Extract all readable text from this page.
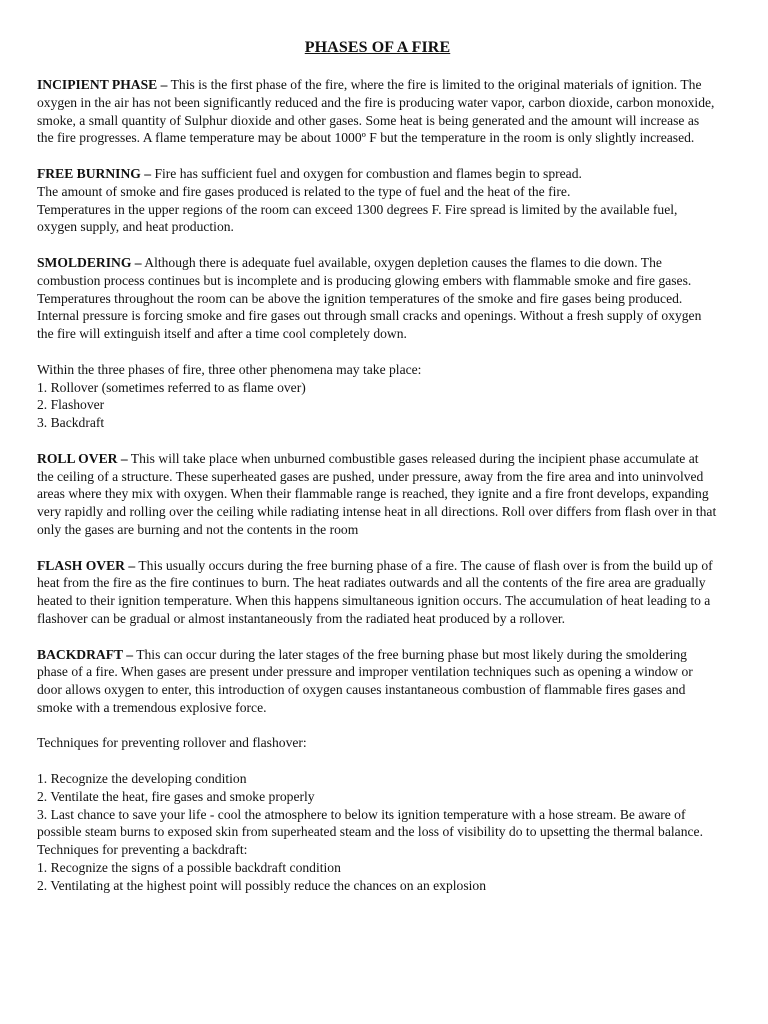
PHASES OF A FIRE

INCIPIENT PHASE – This is the first phase of the fire, where the fire is limited to the original materials of ignition. The oxygen in the air has not been significantly reduced and the fire is producing water vapor, carbon dioxide, carbon monoxide, smoke, a small quantity of Sulphur dioxide and other gases. Some heat is being generated and the amount will increase as the fire progresses. A flame temperature may be about 1000º F but the temperature in the room is only slightly increased.

FREE BURNING – Fire has sufficient fuel and oxygen for combustion and flames begin to spread.
The amount of smoke and fire gases produced is related to the type of fuel and the heat of the fire.
Temperatures in the upper regions of the room can exceed 1300 degrees F. Fire spread is limited by the available fuel, oxygen supply, and heat production.

SMOLDERING – Although there is adequate fuel available, oxygen depletion causes the flames to die down. The combustion process continues but is incomplete and is producing glowing embers with flammable smoke and fire gases. Temperatures throughout the room can be above the ignition temperatures of the smoke and fire gases being produced. Internal pressure is forcing smoke and fire gases out through small cracks and openings. Without a fresh supply of oxygen the fire will extinguish itself and after a time cool completely down.

Within the three phases of fire, three other phenomena may take place:
1. Rollover (sometimes referred to as flame over)
2. Flashover
3. Backdraft

ROLL OVER – This will take place when unburned combustible gases released during the incipient phase accumulate at the ceiling of a structure. These superheated gases are pushed, under pressure, away from the fire area and into uninvolved areas where they mix with oxygen. When their flammable range is reached, they ignite and a fire front develops, expanding very rapidly and rolling over the ceiling while radiating intense heat in all directions. Roll over differs from flash over in that only the gases are burning and not the contents in the room

FLASH OVER – This usually occurs during the free burning phase of a fire. The cause of flash over is from the build up of heat from the fire as the fire continues to burn. The heat radiates outwards and all the contents of the fire area are gradually heated to their ignition temperature. When this happens simultaneous ignition occurs. The accumulation of heat leading to a flashover can be gradual or almost instantaneously from the radiated heat produced by a rollover.

BACKDRAFT – This can occur during the later stages of the free burning phase but most likely during the smoldering phase of a fire. When gases are present under pressure and improper ventilation techniques such as opening a window or door allows oxygen to enter, this introduction of oxygen causes instantaneous combustion of flammable fires gases and smoke with a tremendous explosive force.

Techniques for preventing rollover and flashover:
1. Recognize the developing condition
2. Ventilate the heat, fire gases and smoke properly
3. Last chance to save your life - cool the atmosphere to below its ignition temperature with a hose stream. Be aware of possible steam burns to exposed skin from superheated steam and the loss of visibility do to upsetting the thermal balance.
Techniques for preventing a backdraft:
1. Recognize the signs of a possible backdraft condition
2. Ventilating at the highest point will possibly reduce the chances on an explosion
